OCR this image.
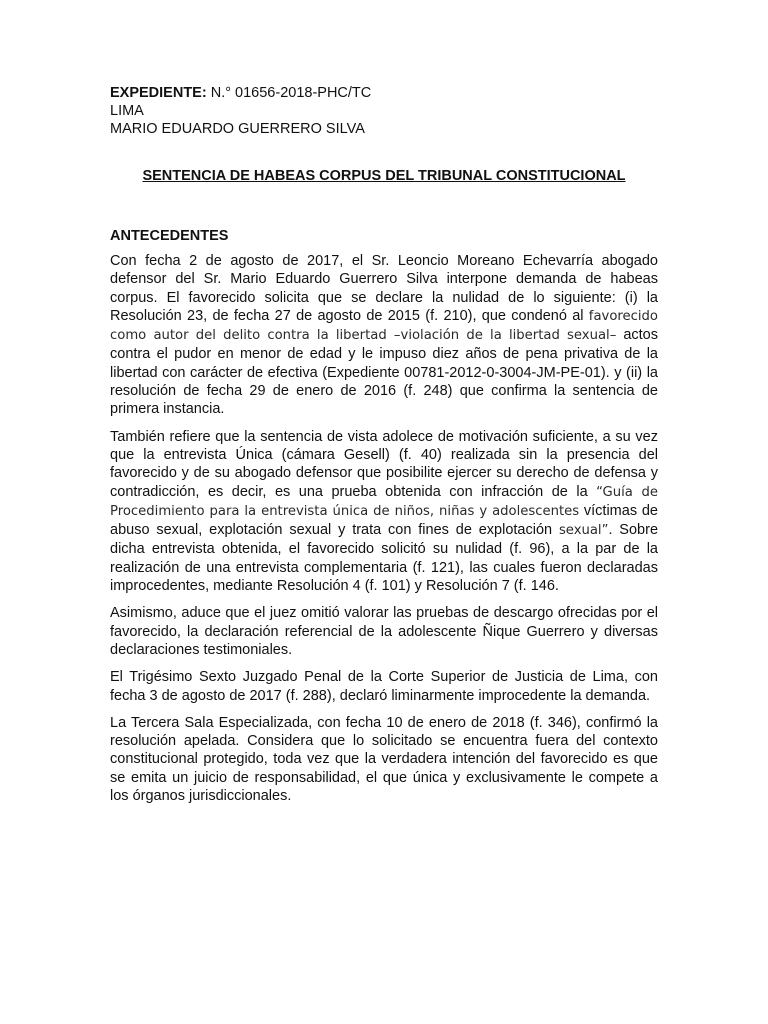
EXPEDIENTE: N.° 01656-2018-PHC/TC
LIMA
MARIO EDUARDO GUERRERO SILVA
SENTENCIA DE HABEAS CORPUS DEL TRIBUNAL CONSTITUCIONAL
ANTECEDENTES

Con fecha 2 de agosto de 2017, el Sr. Leoncio Moreano Echevarría abogado defensor del Sr. Mario Eduardo Guerrero Silva interpone demanda de habeas corpus. El favorecido solicita que se declare la nulidad de lo siguiente: (i) la Resolución 23, de fecha 27 de agosto de 2015 (f. 210), que condenó al favorecido como autor del delito contra la libertad –violación de la libertad sexual– actos contra el pudor en menor de edad y le impuso diez años de pena privativa de la libertad con carácter de efectiva (Expediente 00781-2012-0-3004-JM-PE-01). y (ii) la resolución de fecha 29 de enero de 2016 (f. 248) que confirma la sentencia de primera instancia.

También refiere que la sentencia de vista adolece de motivación suficiente, a su vez que la entrevista Única (cámara Gesell) (f. 40) realizada sin la presencia del favorecido y de su abogado defensor que posibilite ejercer su derecho de defensa y contradicción, es decir, es una prueba obtenida con infracción de la “Guía de Procedimiento para la entrevista única de niños, niñas y adolescentes víctimas de abuso sexual, explotación sexual y trata con fines de explotación sexual”. Sobre dicha entrevista obtenida, el favorecido solicitó su nulidad (f. 96), a la par de la realización de una entrevista complementaria (f. 121), las cuales fueron declaradas improcedentes, mediante Resolución 4 (f. 101) y Resolución 7 (f. 146.

Asimismo, aduce que el juez omitió valorar las pruebas de descargo ofrecidas por el favorecido, la declaración referencial de la adolescente Ñique Guerrero y diversas declaraciones testimoniales.

El Trigésimo Sexto Juzgado Penal de la Corte Superior de Justicia de Lima, con fecha 3 de agosto de 2017 (f. 288), declaró liminarmente improcedente la demanda.

La Tercera Sala Especializada, con fecha 10 de enero de 2018 (f. 346), confirmó la resolución apelada. Considera que lo solicitado se encuentra fuera del contexto constitucional protegido, toda vez que la verdadera intención del favorecido es que se emita un juicio de responsabilidad, el que única y exclusivamente le compete a los órganos jurisdiccionales.
